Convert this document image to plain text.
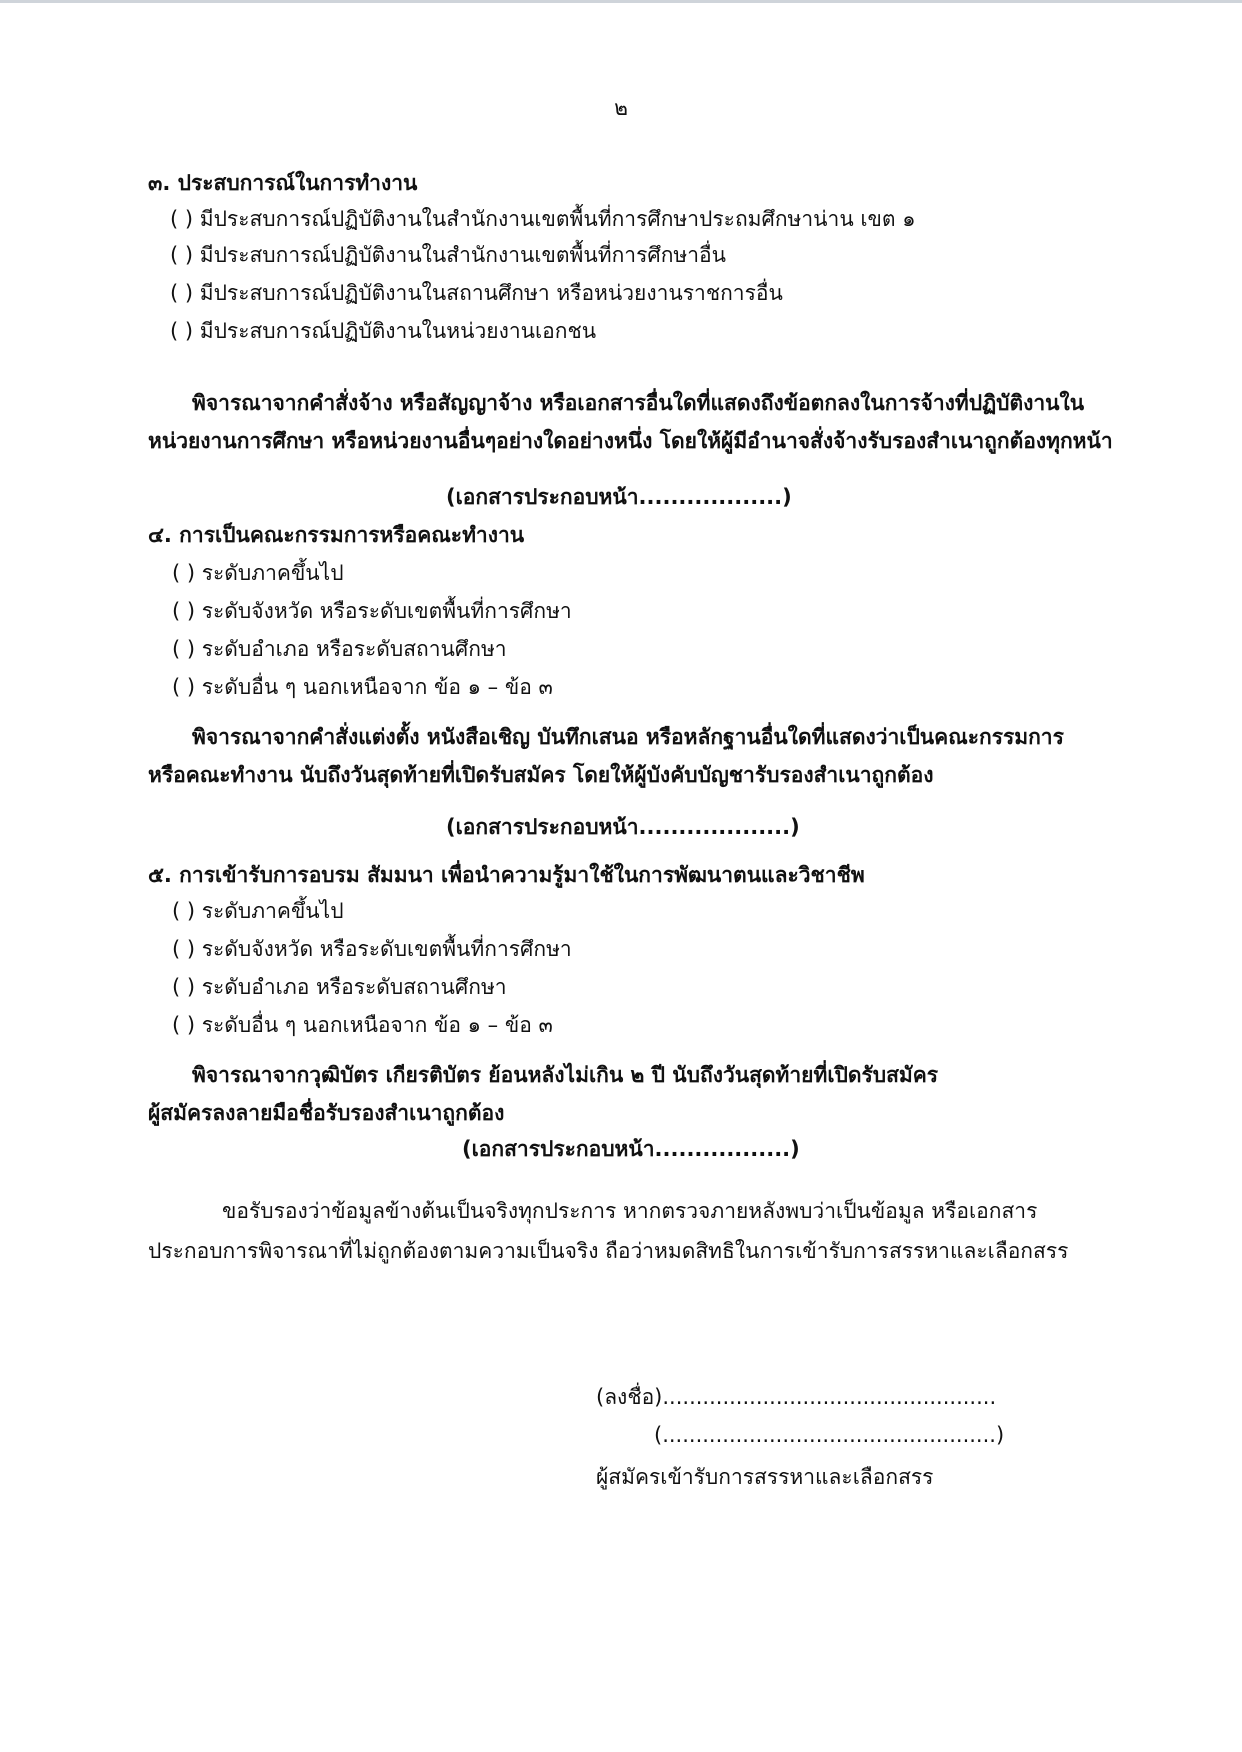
๒
๓. ประสบการณ์ในการทำงาน
( ) มีประสบการณ์ปฏิบัติงานในสำนักงานเขตพื้นที่การศึกษาประถมศึกษาน่าน เขต ๑
( ) มีประสบการณ์ปฏิบัติงานในสำนักงานเขตพื้นที่การศึกษาอื่น
( ) มีประสบการณ์ปฏิบัติงานในสถานศึกษา หรือหน่วยงานราชการอื่น
( ) มีประสบการณ์ปฏิบัติงานในหน่วยงานเอกชน
พิจารณาจากคำสั่งจ้าง หรือสัญญาจ้าง หรือเอกสารอื่นใดที่แสดงถึงข้อตกลงในการจ้างที่ปฏิบัติงานใน
หน่วยงานการศึกษา หรือหน่วยงานอื่นๆอย่างใดอย่างหนึ่ง โดยให้ผู้มีอำนาจสั่งจ้างรับรองสำเนาถูกต้องทุกหน้า
(เอกสารประกอบหน้า..................)
๔. การเป็นคณะกรรมการหรือคณะทำงาน
( ) ระดับภาคขึ้นไป
( ) ระดับจังหวัด หรือระดับเขตพื้นที่การศึกษา
( ) ระดับอำเภอ หรือระดับสถานศึกษา
( ) ระดับอื่น ๆ นอกเหนือจาก ข้อ ๑ – ข้อ ๓
พิจารณาจากคำสั่งแต่งตั้ง หนังสือเชิญ บันทึกเสนอ หรือหลักฐานอื่นใดที่แสดงว่าเป็นคณะกรรมการ
หรือคณะทำงาน นับถึงวันสุดท้ายที่เปิดรับสมัคร โดยให้ผู้บังคับบัญชารับรองสำเนาถูกต้อง
(เอกสารประกอบหน้า...................)
๕. การเข้ารับการอบรม สัมมนา เพื่อนำความรู้มาใช้ในการพัฒนาตนและวิชาชีพ
( ) ระดับภาคขึ้นไป
( ) ระดับจังหวัด หรือระดับเขตพื้นที่การศึกษา
( ) ระดับอำเภอ หรือระดับสถานศึกษา
( ) ระดับอื่น ๆ นอกเหนือจาก ข้อ ๑ – ข้อ ๓
พิจารณาจากวุฒิบัตร เกียรติบัตร ย้อนหลังไม่เกิน ๒ ปี นับถึงวันสุดท้ายที่เปิดรับสมัคร
ผู้สมัครลงลายมือชื่อรับรองสำเนาถูกต้อง
(เอกสารประกอบหน้า.................)
ขอรับรองว่าข้อมูลข้างต้นเป็นจริงทุกประการ หากตรวจภายหลังพบว่าเป็นข้อมูล หรือเอกสาร
ประกอบการพิจารณาที่ไม่ถูกต้องตามความเป็นจริง ถือว่าหมดสิทธิในการเข้ารับการสรรหาและเลือกสรร
(ลงชื่อ)..................................................
(..................................................)
ผู้สมัครเข้ารับการสรรหาและเลือกสรร
